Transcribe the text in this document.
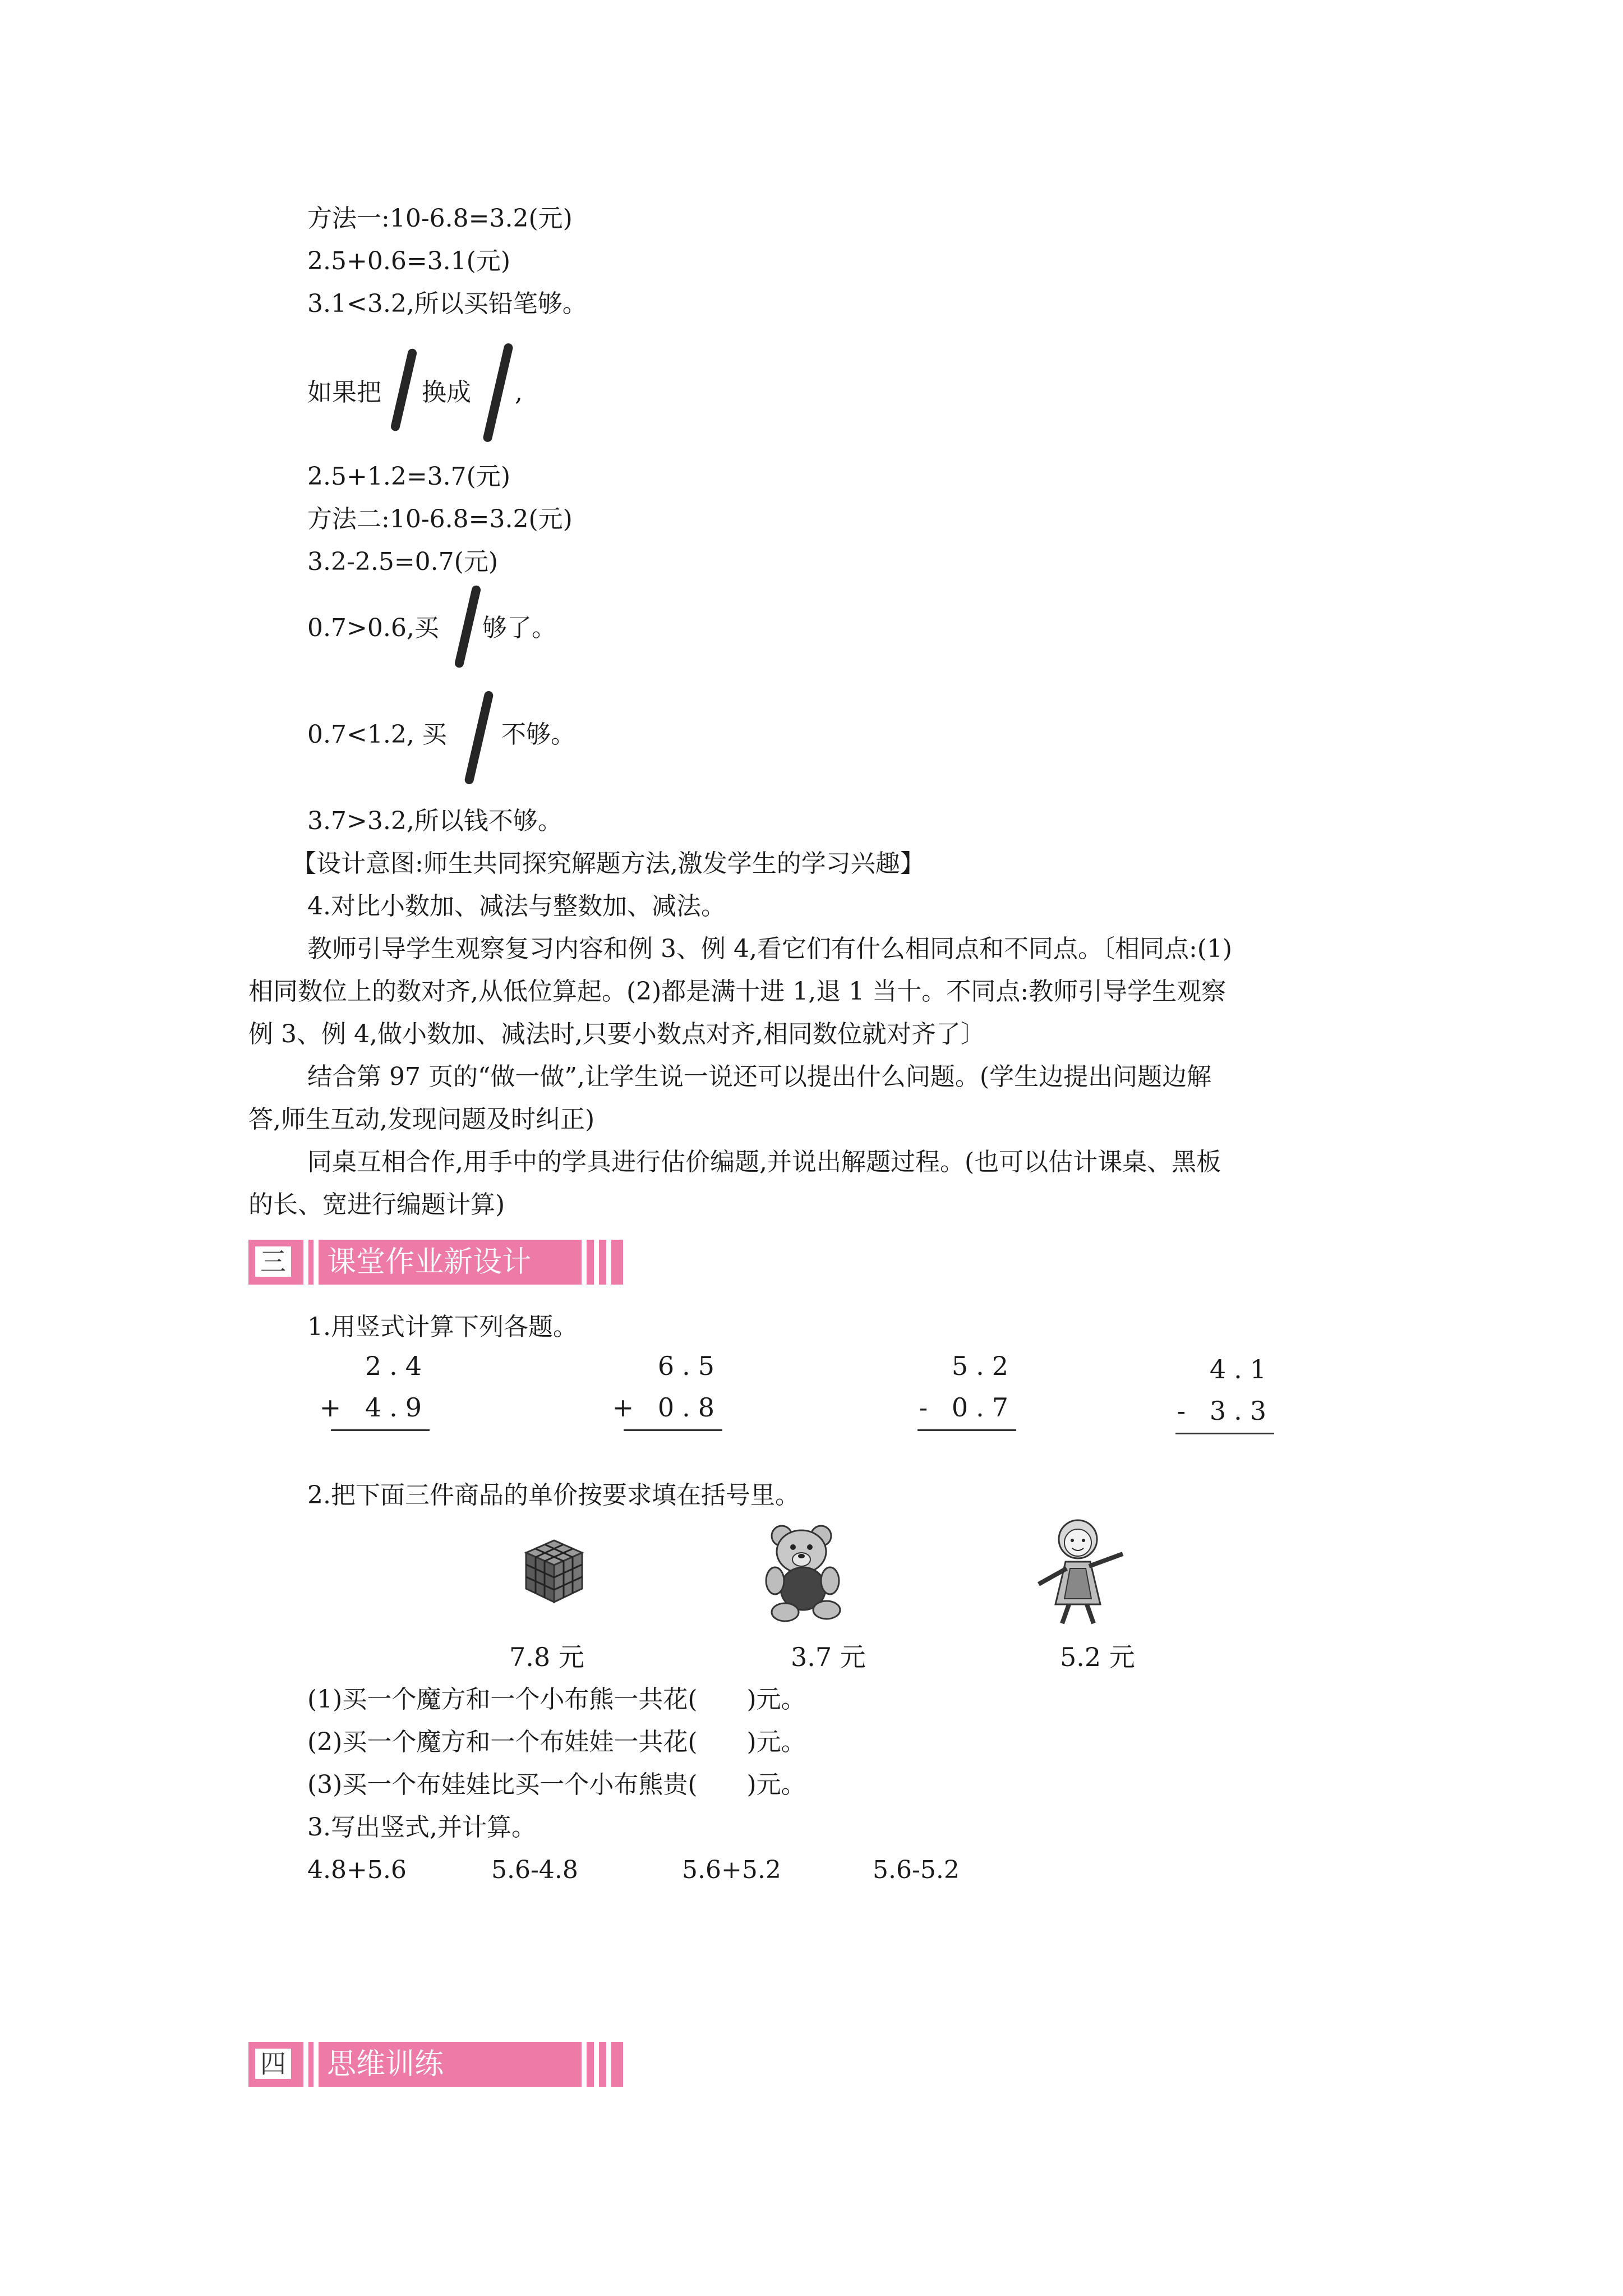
方法一:10-6.8=3.2(元)
2.5+0.6=3.1(元)
3.1<3.2,所以买铅笔够。
如果把 换成 ,
2.5+1.2=3.7(元)
方法二:10-6.8=3.2(元)
3.2-2.5=0.7(元)
0.7>0.6,买 够了。
0.7<1.2, 买 不够。
3.7>3.2,所以钱不够。
【设计意图:师生共同探究解题方法,激发学生的学习兴趣】
4.对比小数加、减法与整数加、减法。
教师引导学生观察复习内容和例 3、例 4,看它们有什么相同点和不同点。〔相同点:(1)
相同数位上的数对齐,从低位算起。(2)都是满十进 1,退 1 当十。不同点:教师引导学生观察
例 3、例 4,做小数加、减法时,只要小数点对齐,相同数位就对齐了〕
结合第 97 页的“做一做”,让学生说一说还可以提出什么问题。(学生边提出问题边解
答,师生互动,发现问题及时纠正)
同桌互相合作,用手中的学具进行估价编题,并说出解题过程。(也可以估计课桌、黑板
的长、宽进行编题计算)
三 课堂作业新设计
1.用竖式计算下列各题。
2.4
+ 4.9
6.5
+ 0.8
5.2
- 0.7
4.1
- 3.3
2.把下面三件商品的单价按要求填在括号里。
7.8 元	3.7 元	5.2 元
(1)买一个魔方和一个小布熊一共花(　　)元。
(2)买一个魔方和一个布娃娃一共花(　　)元。
(3)买一个布娃娃比买一个小布熊贵(　　)元。
3.写出竖式,并计算。
4.8+5.6	5.6-4.8	5.6+5.2	5.6-5.2
四 思维训练
